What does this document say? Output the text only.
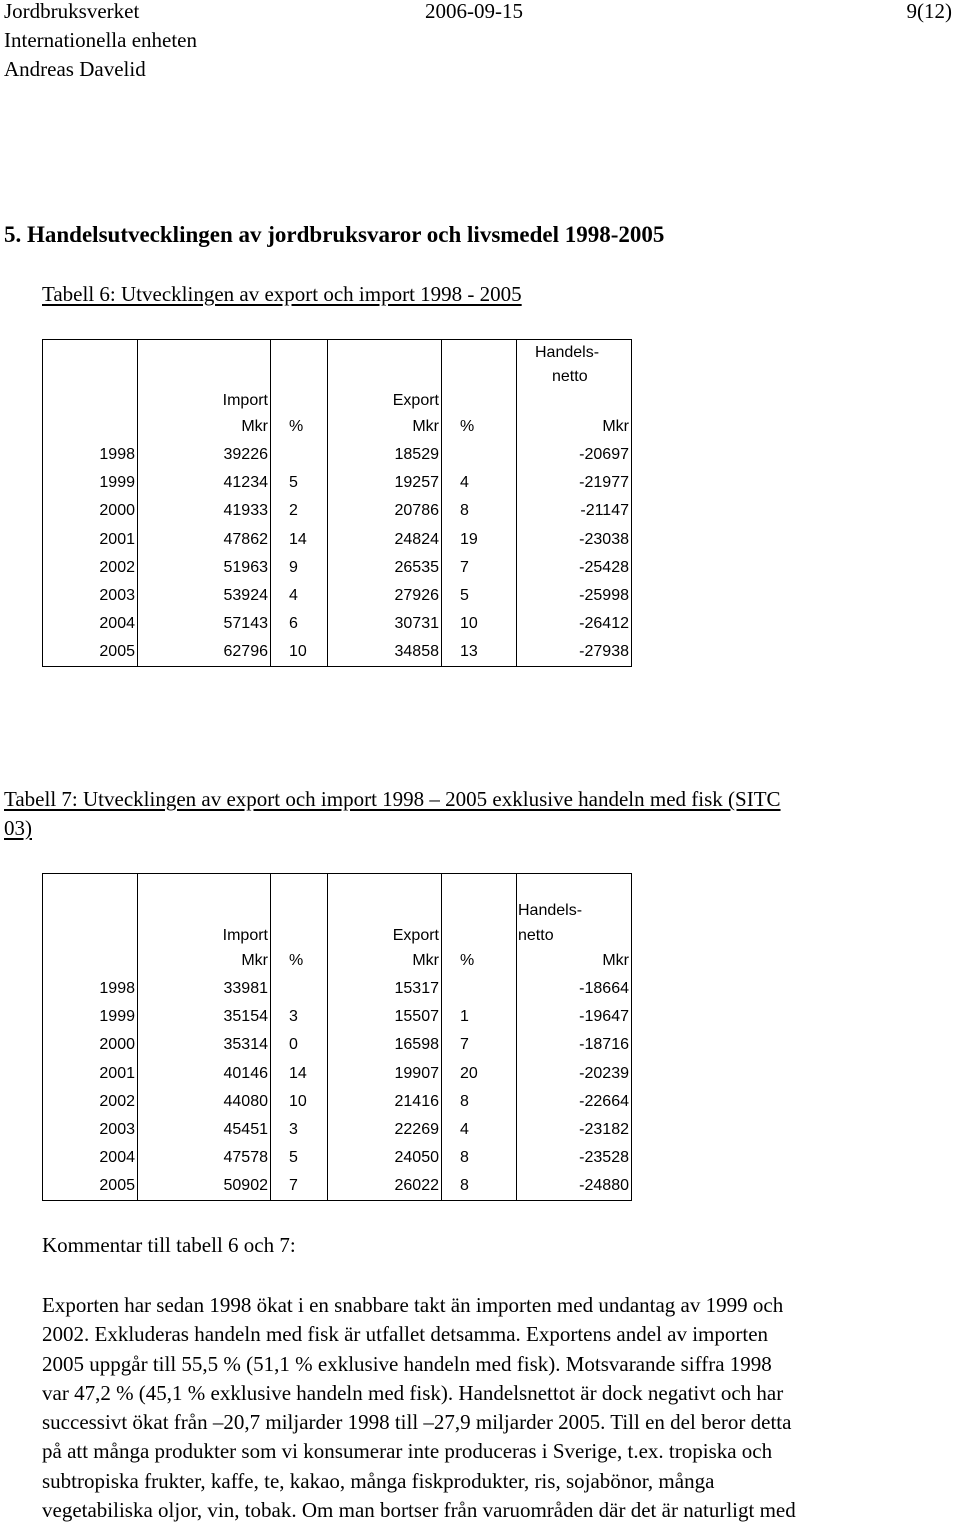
Jordbruksverket	2006-09-15	9(12)
Internationella enheten
Andreas Davelid
5. Handelsutvecklingen av jordbruksvaror och livsmedel 1998-2005
Tabell 6: Utvecklingen av export och import 1998 - 2005
Import	Export
Handels-
netto
Mkr %	Mkr %	Mkr
1998	39226	18529	-20697
1999	41234 5	19257 4	-21977
2000	41933 2	20786 8	-21147
2001	47862 14	24824 19	-23038
2002	51963 9	26535 7	-25428
2003	53924 4	27926 5	-25998
2004	57143 6	30731 10	-26412
2005	62796 10	34858 13	-27938
Tabell 7: Utvecklingen av export och import 1998 – 2005 exklusive handeln med fisk (SITC
03)
Import	Export
Handels-
netto
Mkr %	Mkr %	Mkr
1998	33981	15317	-18664
1999	35154 3	15507 1	-19647
2000	35314 0	16598 7	-18716
2001	40146 14	19907 20	-20239
2002	44080 10	21416 8	-22664
2003	45451 3	22269 4	-23182
2004	47578 5	24050 8	-23528
2005	50902 7	26022 8	-24880
Kommentar till tabell 6 och 7:

Exporten har sedan 1998 ökat i en snabbare takt än importen med undantag av 1999 och

2002. Exkluderas handeln med fisk är utfallet detsamma. Exportens andel av importen

2005 uppgår till 55,5 % (51,1 % exklusive handeln med fisk). Motsvarande siffra 1998

var 47,2 % (45,1 % exklusive handeln med fisk). Handelsnettot är dock negativt och har

successivt ökat från –20,7 miljarder 1998 till –27,9 miljarder 2005. Till en del beror detta

på att många produkter som vi konsumerar inte produceras i Sverige, t.ex. tropiska och

subtropiska frukter, kaffe, te, kakao, många fiskprodukter, ris, sojabönor, många

vegetabiliska oljor, vin, tobak. Om man bortser från varuområden där det är naturligt med
